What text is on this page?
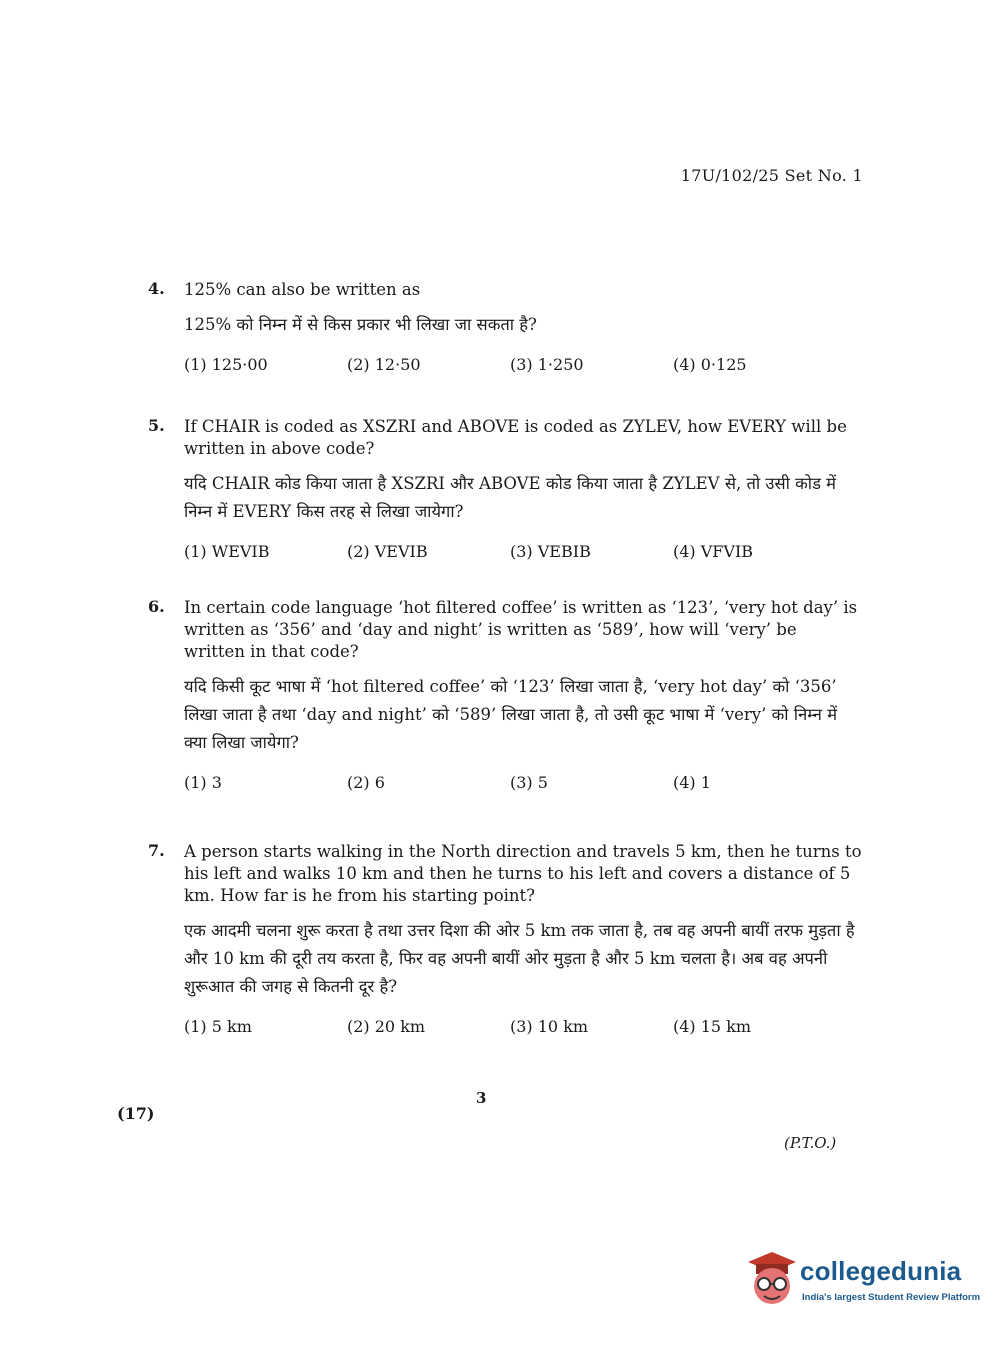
17U/102/25 Set No. 1
4. 125% can also be written as

125% को निम्न में से किस प्रकार भी लिखा जा सकता है?

(1) 125·00	(2) 12·50	(3) 1·250	(4) 0·125
5. If CHAIR is coded as XSZRI and ABOVE is coded as ZYLEV, how EVERY will be written in above code?

यदि CHAIR कोड किया जाता है XSZRI और ABOVE कोड किया जाता है ZYLEV से, तो उसी कोड में निम्न में EVERY किस तरह से लिखा जायेगा?

(1) WEVIB	(2) VEVIB	(3) VEBIB	(4) VFVIB
6. In certain code language ‘hot filtered coffee’ is written as ‘123’, ‘very hot day’ is written as ‘356’ and ‘day and night’ is written as ‘589’, how will ‘very’ be written in that code?

यदि किसी कूट भाषा में ‘hot filtered coffee’ को ‘123’ लिखा जाता है, ‘very hot day’ को ‘356’ लिखा जाता है तथा ‘day and night’ को ‘589’ लिखा जाता है, तो उसी कूट भाषा में ‘very’ को निम्न में क्या लिखा जायेगा?

(1) 3	(2) 6	(3) 5	(4) 1
7. A person starts walking in the North direction and travels 5 km, then he turns to his left and walks 10 km and then he turns to his left and covers a distance of 5 km. How far is he from his starting point?

एक आदमी चलना शुरू करता है तथा उत्तर दिशा की ओर 5 km तक जाता है, तब वह अपनी बायीं तरफ मुड़ता है और 10 km की दूरी तय करता है, फिर वह अपनी बायीं ओर मुड़ता है और 5 km चलता है। अब वह अपनी शुरूआत की जगह से कितनी दूर है?

(1) 5 km	(2) 20 km	(3) 10 km	(4) 15 km
3
(17)
(P.T.O.)
collegedunia
India's largest Student Review Platform
